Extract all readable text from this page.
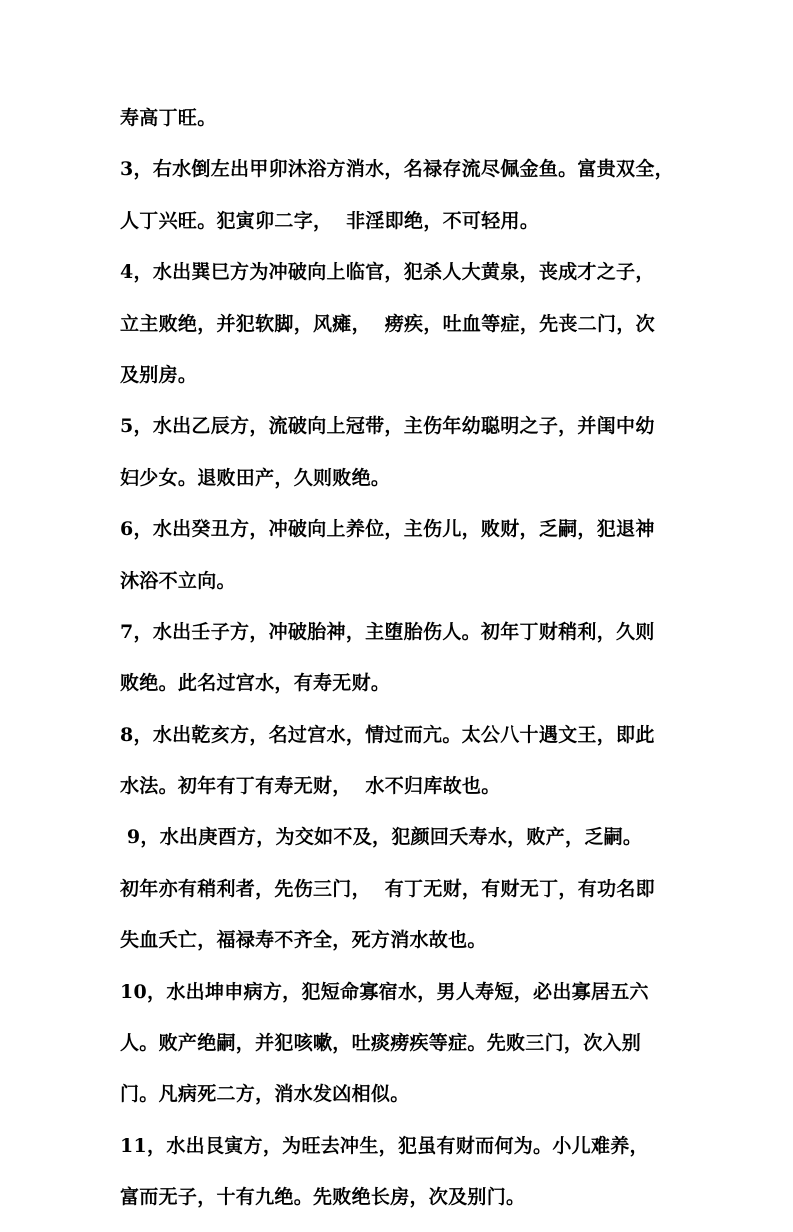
寿高丁旺。
3，右水倒左出甲卯沐浴方消水，名禄存流尽佩金鱼。富贵双全，
人丁兴旺。犯寅卯二字，  非淫即绝，不可轻用。
4，水出巽巳方为冲破向上临官，犯杀人大黄泉，丧成才之子，
立主败绝，并犯软脚，风瘫，  痨疾，吐血等症，先丧二门，次
及别房。
5，水出乙辰方，流破向上冠带，主伤年幼聪明之子，并闺中幼
妇少女。退败田产，久则败绝。
6，水出癸丑方，冲破向上养位，主伤儿，败财，乏嗣，犯退神
沐浴不立向。
7，水出壬子方，冲破胎神，主堕胎伤人。初年丁财稍利，久则
败绝。此名过宫水，有寿无财。
8，水出乾亥方，名过宫水，情过而亢。太公八十遇文王，即此
水法。初年有丁有寿无财，  水不归库故也。
9，水出庚酉方，为交如不及，犯颜回夭寿水，败产，乏嗣。
初年亦有稍利者，先伤三门，  有丁无财，有财无丁，有功名即
失血夭亡，福禄寿不齐全，死方消水故也。
10，水出坤申病方，犯短命寡宿水，男人寿短，必出寡居五六
人。败产绝嗣，并犯咳嗽，吐痰痨疾等症。先败三门，次入别
门。凡病死二方，消水发凶相似。
11，水出艮寅方，为旺去冲生，犯虽有财而何为。小儿难养，
富而无子，十有九绝。先败绝长房，次及别门。
